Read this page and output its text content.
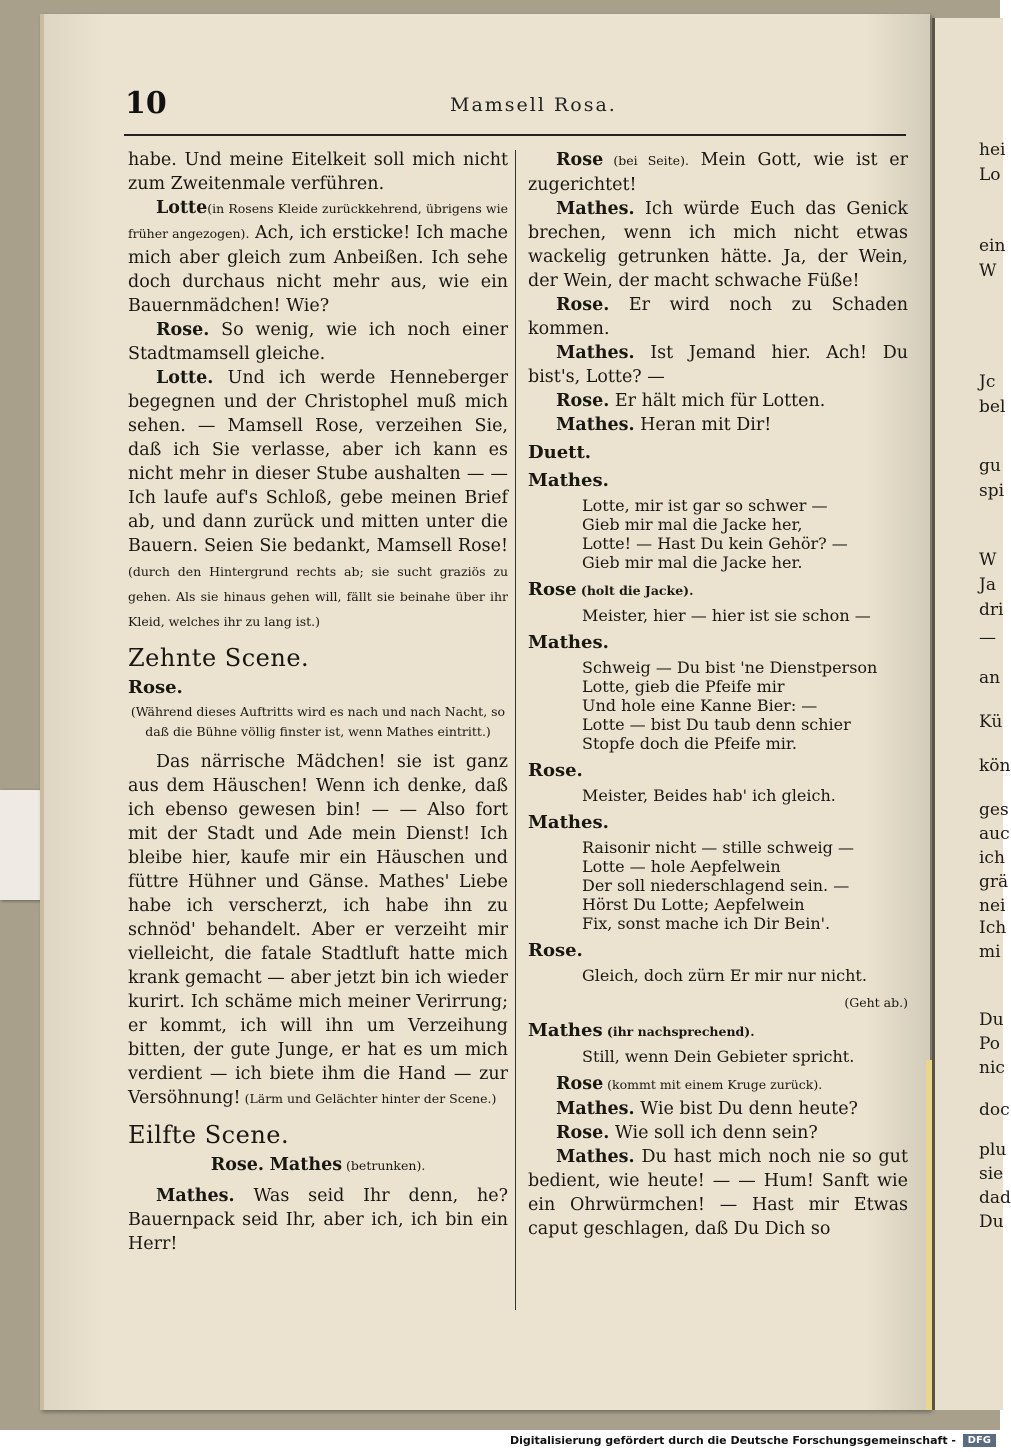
hei
Lo
ein
W
Jc
bel
gu
spi
W
Ja
dri
—
an
Kü
kön
ges
auc
ich
grä
nei
Ich
mi
Du
Po
nic
doc
plu
sie
dad
Du
10	Mamsell Rosa.

habe. Und meine Eitelkeit soll mich nicht zum Zweitenmale verführen.

Lotte(in Rosens Kleide zurückkehrend, übrigens wie früher angezogen). Ach, ich ersticke! Ich mache mich aber gleich zum Anbeißen. Ich sehe doch durchaus nicht mehr aus, wie ein Bauernmädchen! Wie?

Rose. So wenig, wie ich noch einer Stadtmamsell gleiche.

Lotte. Und ich werde Henneberger begegnen und der Christophel muß mich sehen. — Mamsell Rose, verzeihen Sie, daß ich Sie verlasse, aber ich kann es nicht mehr in dieser Stube aushalten — — Ich laufe auf's Schloß, gebe meinen Brief ab, und dann zurück und mitten unter die Bauern. Seien Sie bedankt, Mamsell Rose! (durch den Hintergrund rechts ab; sie sucht graziös zu gehen. Als sie hinaus gehen will, fällt sie beinahe über ihr Kleid, welches ihr zu lang ist.)

Zehnte Scene.

Rose.

(Während dieses Auftritts wird es nach und nach Nacht, so daß die Bühne völlig finster ist, wenn Mathes eintritt.)

Das närrische Mädchen! sie ist ganz aus dem Häuschen! Wenn ich denke, daß ich ebenso gewesen bin! — — Also fort mit der Stadt und Ade mein Dienst! Ich bleibe hier, kaufe mir ein Häuschen und füttre Hühner und Gänse. Mathes' Liebe habe ich verscherzt, ich habe ihn zu schnöd' behandelt. Aber er verzeiht mir vielleicht, die fatale Stadtluft hatte mich krank gemacht — aber jetzt bin ich wieder kurirt. Ich schäme mich meiner Verirrung; er kommt, ich will ihn um Verzeihung bitten, der gute Junge, er hat es um mich verdient — ich biete ihm die Hand — zur Versöhnung! (Lärm und Gelächter hinter der Scene.)

Eilfte Scene.

Rose. Mathes (betrunken).

Mathes. Was seid Ihr denn, he? Bauernpack seid Ihr, aber ich, ich bin ein Herr!

Rose (bei Seite). Mein Gott, wie ist er zugerichtet!

Mathes. Ich würde Euch das Genick brechen, wenn ich mich nicht etwas wackelig getrunken hätte. Ja, der Wein, der Wein, der macht schwache Füße!

Rose. Er wird noch zu Schaden kommen.

Mathes. Ist Jemand hier. Ach! Du bist's, Lotte? —

Rose. Er hält mich für Lotten.

Mathes. Heran mit Dir!

Duett.

Mathes.

Lotte, mir ist gar so schwer —

Gieb mir mal die Jacke her,

Lotte! — Hast Du kein Gehör? —

Gieb mir mal die Jacke her.

Rose (holt die Jacke).

Meister, hier — hier ist sie schon —

Mathes.

Schweig — Du bist 'ne Dienstperson

Lotte, gieb die Pfeife mir

Und hole eine Kanne Bier: —

Lotte — bist Du taub denn schier

Stopfe doch die Pfeife mir.

Rose.

Meister, Beides hab' ich gleich.

Mathes.

Raisonir nicht — stille schweig —

Lotte — hole Aepfelwein

Der soll niederschlagend sein. —

Hörst Du Lotte; Aepfelwein

Fix, sonst mache ich Dir Bein'.

Rose.

Gleich, doch zürn Er mir nur nicht.

(Geht ab.)

Mathes (ihr nachsprechend).

Still, wenn Dein Gebieter spricht.

Rose (kommt mit einem Kruge zurück).

Mathes. Wie bist Du denn heute?

Rose. Wie soll ich denn sein?

Mathes. Du hast mich noch nie so gut bedient, wie heute! — — Hum! Sanft wie ein Ohrwürmchen! — Hast mir Etwas caput geschlagen, daß Du Dich so

Digitalisierung gefördert durch die Deutsche Forschungsgemeinschaft -	DFG
